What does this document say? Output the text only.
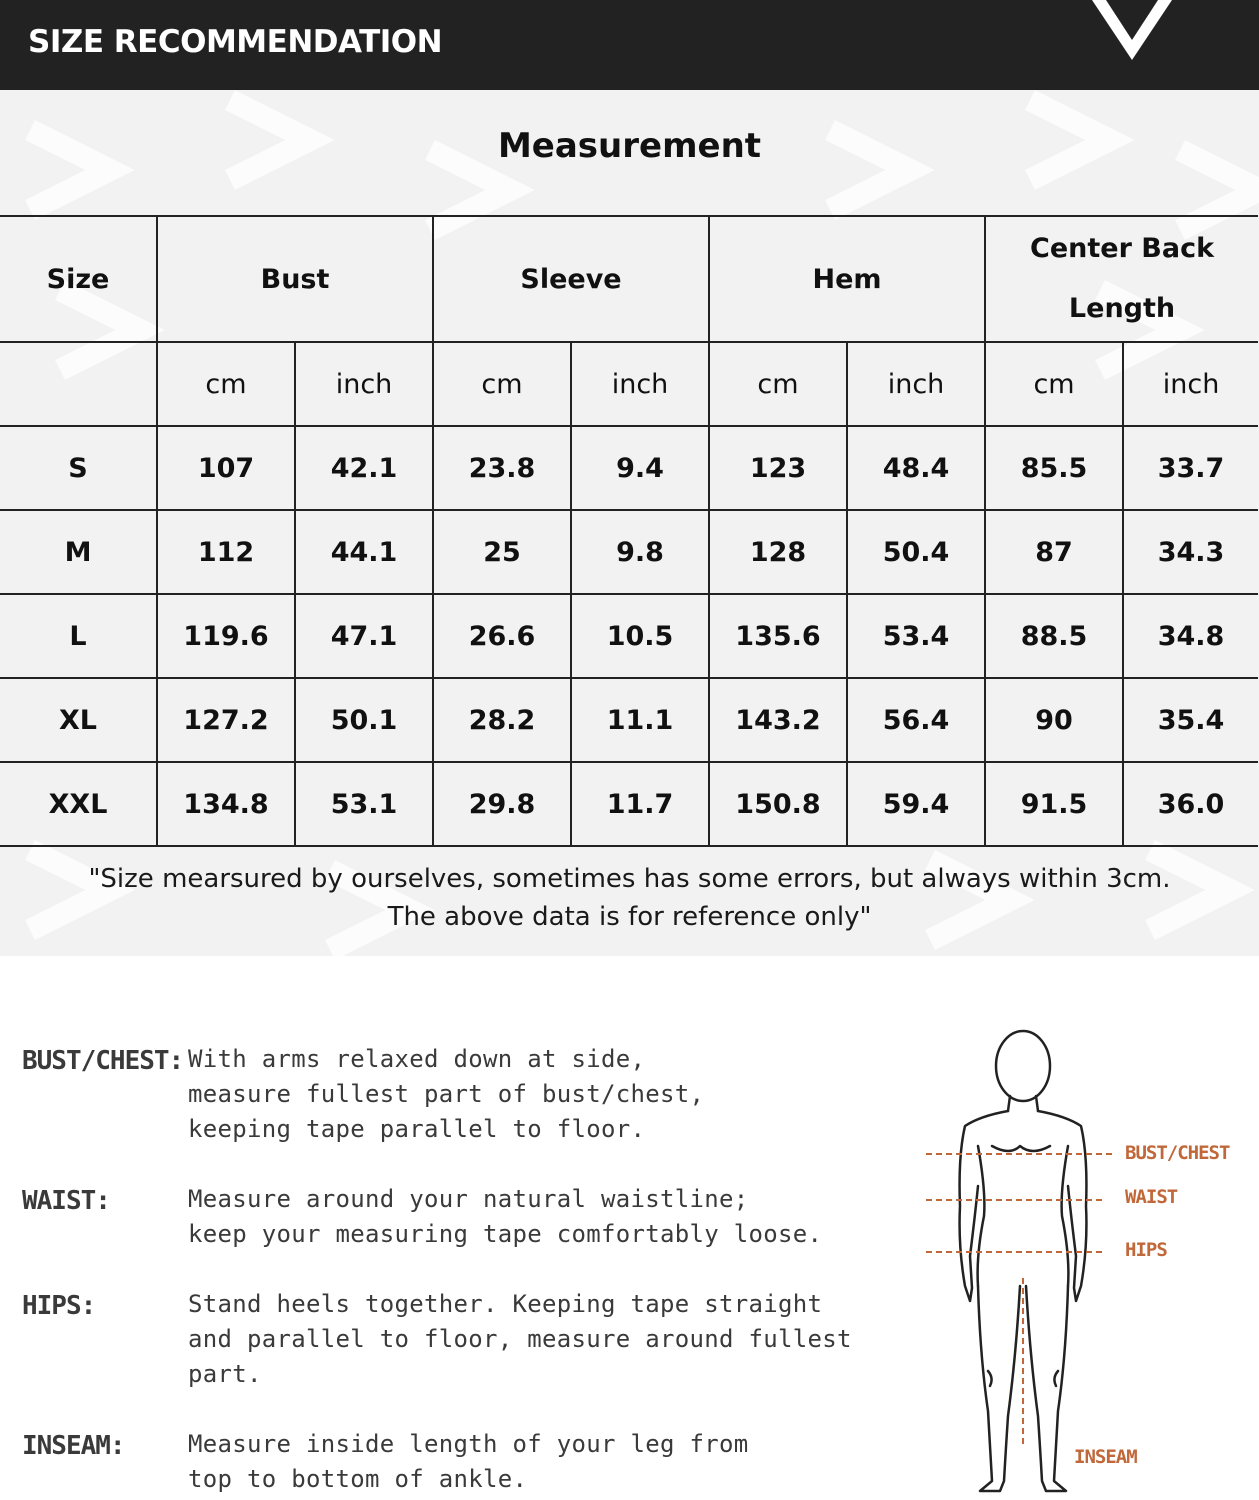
SIZE RECOMMENDATION
Measurement
Size	Bust		Sleeve		Hem		Center Back
Length	

	cm	inch	cm	inch	cm	inch	cm	inch
S	107	42.1	23.8	9.4	123	48.4	85.5	33.7
M	112	44.1	25	9.8	128	50.4	87	34.3
L	119.6	47.1	26.6	10.5	135.6	53.4	88.5	34.8
XL	127.2	50.1	28.2	11.1	143.2	56.4	90	35.4
XXL	134.8	53.1	29.8	11.7	150.8	59.4	91.5	36.0
"Size mearsured by ourselves, sometimes has some errors, but always within 3cm.
The above data is for reference only"
BUST/CHEST: With arms relaxed down at side,
measure fullest part of bust/chest,
keeping tape parallel to floor.
WAIST:	Measure around your natural waistline;
keep your measuring tape comfortably loose.
HIPS:	Stand heels together. Keeping tape straight
and parallel to floor, measure around fullest
part.
INSEAM:	Measure inside length of your leg from
top to bottom of ankle.
BUST/CHEST
WAIST
HIPS
INSEAM
